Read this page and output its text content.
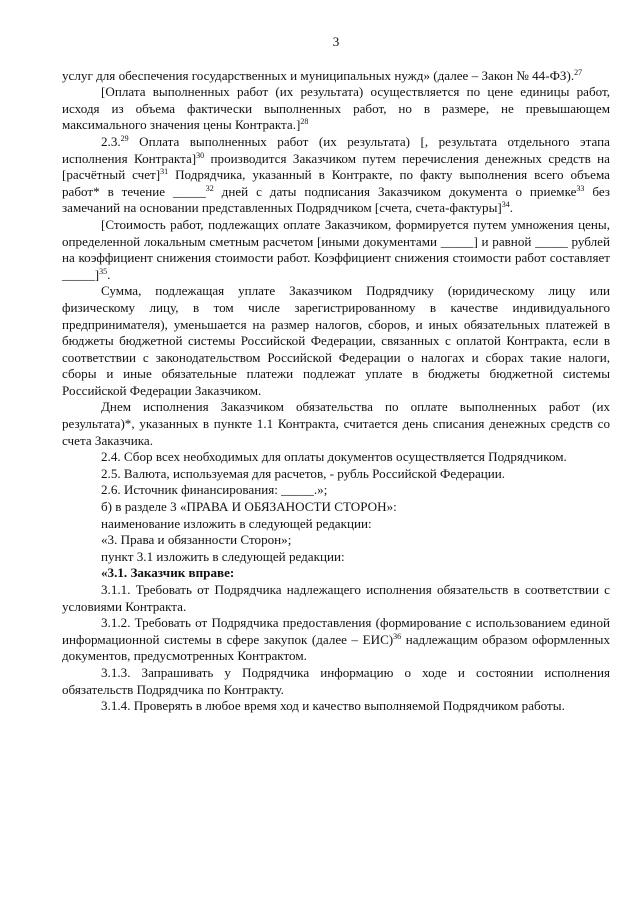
3

услуг для обеспечения государственных и муниципальных нужд» (далее – Закон № 44-ФЗ).$^{27}$

[Оплата выполненных работ (их результата) осуществляется по цене единицы работ, исходя из объема фактически выполненных работ, но в размере, не превышающем максимального значения цены Контракта.]$^{28}$

2.3.29 Оплата выполненных работ (их результата) [, результата отдельного этапа исполнения Контракта]$^{30}$ производится Заказчиком путем перечисления денежных средств на [расчётный счет]$^{31}$ Подрядчика, указанный в Контракте, по факту выполнения всего объема работ* в течение _____$^{32}$ дней с даты подписания Заказчиком документа о приемке$^{33}$ без замечаний на основании представленных Подрядчиком [счета, счета-фактуры]$^{34}$.

[Стоимость работ, подлежащих оплате Заказчиком, формируется путем умножения цены, определенной локальным сметным расчетом [иными документами _____] и равной _____ рублей на коэффициент снижения стоимости работ. Коэффициент снижения стоимости работ составляет _____]$^{35}$.

Сумма, подлежащая уплате Заказчиком Подрядчику (юридическому лицу или физическому лицу, в том числе зарегистрированному в качестве индивидуального предпринимателя), уменьшается на размер налогов, сборов, и иных обязательных платежей в бюджеты бюджетной системы Российской Федерации, связанных с оплатой Контракта, если в соответствии с законодательством Российской Федерации о налогах и сборах такие налоги, сборы и иные обязательные платежи подлежат уплате в бюджеты бюджетной системы Российской Федерации Заказчиком.

Днем исполнения Заказчиком обязательства по оплате выполненных работ (их результата)*, указанных в пункте 1.1 Контракта, считается день списания денежных средств со счета Заказчика.

2.4. Сбор всех необходимых для оплаты документов осуществляется Подрядчиком.

2.5. Валюта, используемая для расчетов, - рубль Российской Федерации.

2.6. Источник финансирования: _____.»;

б) в разделе 3 «ПРАВА И ОБЯЗАНОСТИ СТОРОН»:

наименование изложить в следующей редакции:

«3. Права и обязанности Сторон»;

пункт 3.1 изложить в следующей редакции:

«3.1. Заказчик вправе:

3.1.1. Требовать от Подрядчика надлежащего исполнения обязательств в соответствии с условиями Контракта.

3.1.2. Требовать от Подрядчика предоставления (формирование с использованием единой информационной системы в сфере закупок (далее – ЕИС)$^{36}$ надлежащим образом оформленных документов, предусмотренных Контрактом.

3.1.3. Запрашивать у Подрядчика информацию о ходе и состоянии исполнения обязательств Подрядчика по Контракту.

3.1.4. Проверять в любое время ход и качество выполняемой Подрядчиком работы.
